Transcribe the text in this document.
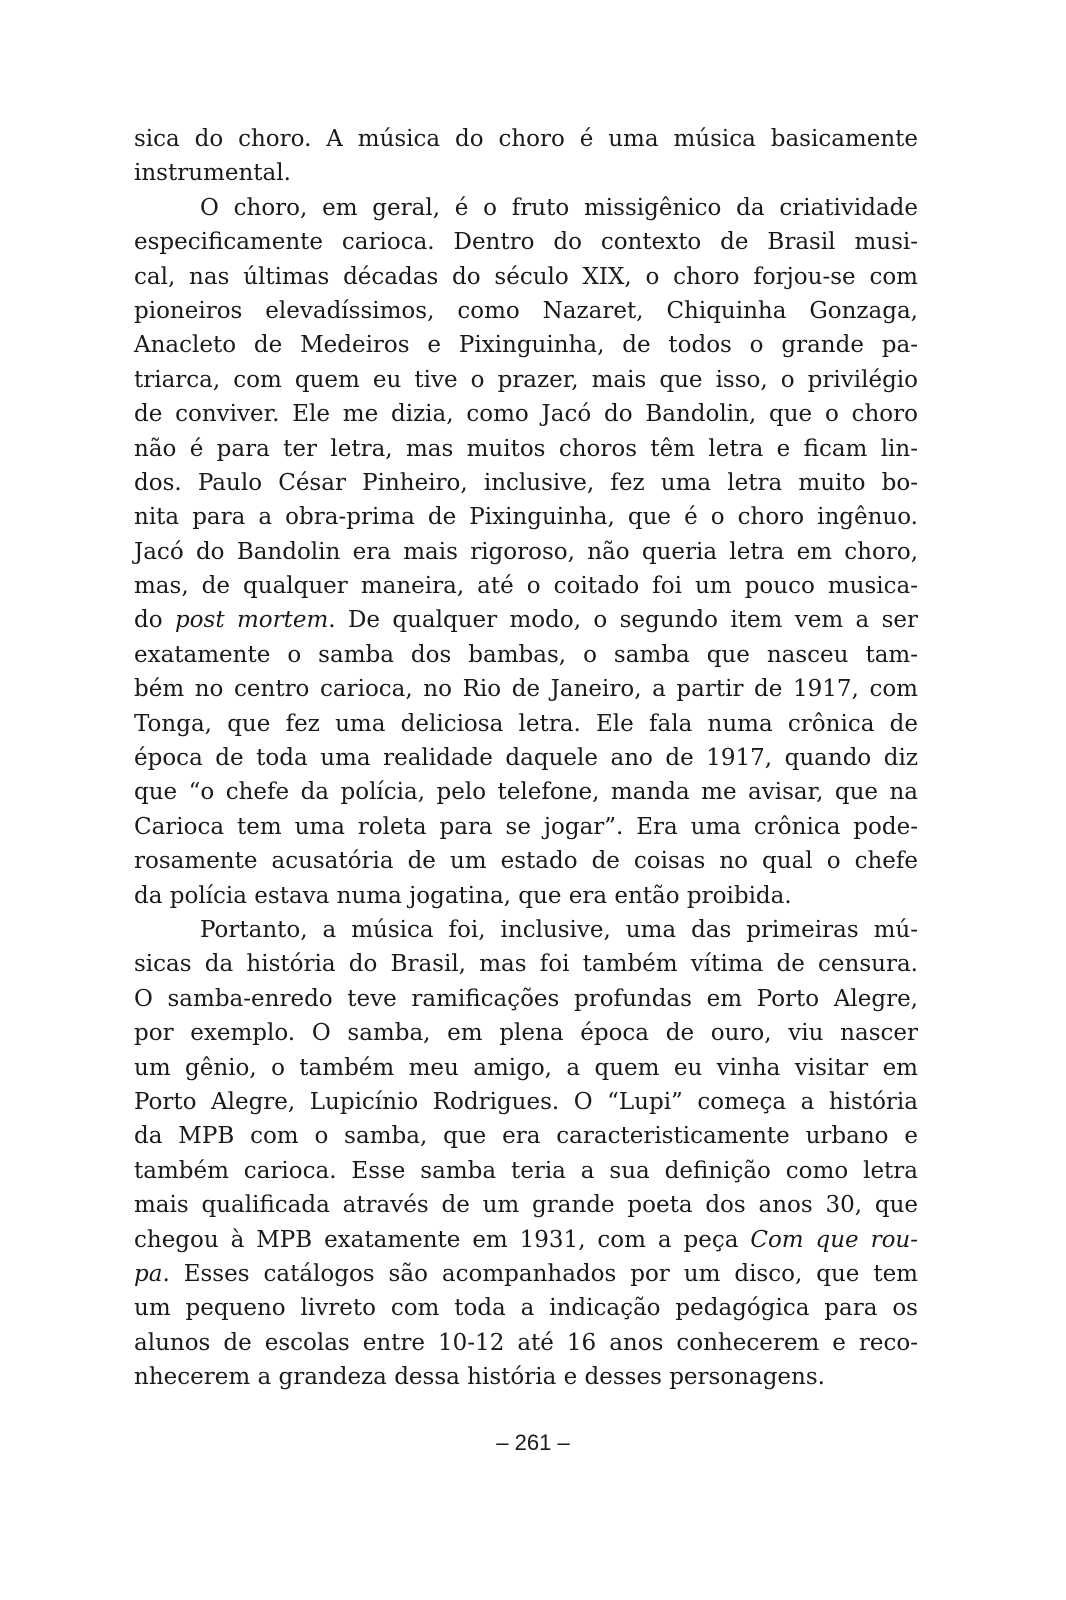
sica do choro. A música do choro é uma música basicamente
instrumental.
O choro, em geral, é o fruto missigênico da criatividade
especificamente carioca. Dentro do contexto de Brasil musi-
cal, nas últimas décadas do século XIX, o choro forjou-se com
pioneiros elevadíssimos, como Nazaret, Chiquinha Gonzaga,
Anacleto de Medeiros e Pixinguinha, de todos o grande pa-
triarca, com quem eu tive o prazer, mais que isso, o privilégio
de conviver. Ele me dizia, como Jacó do Bandolin, que o choro
não é para ter letra, mas muitos choros têm letra e ficam lin-
dos. Paulo César Pinheiro, inclusive, fez uma letra muito bo-
nita para a obra-prima de Pixinguinha, que é o choro ingênuo.
Jacó do Bandolin era mais rigoroso, não queria letra em choro,
mas, de qualquer maneira, até o coitado foi um pouco musica-
do post mortem. De qualquer modo, o segundo item vem a ser
exatamente o samba dos bambas, o samba que nasceu tam-
bém no centro carioca, no Rio de Janeiro, a partir de 1917, com
Tonga, que fez uma deliciosa letra. Ele fala numa crônica de
época de toda uma realidade daquele ano de 1917, quando diz
que “o chefe da polícia, pelo telefone, manda me avisar, que na
Carioca tem uma roleta para se jogar”. Era uma crônica pode-
rosamente acusatória de um estado de coisas no qual o chefe
da polícia estava numa jogatina, que era então proibida.
Portanto, a música foi, inclusive, uma das primeiras mú-
sicas da história do Brasil, mas foi também vítima de censura.
O samba-enredo teve ramificações profundas em Porto Alegre,
por exemplo. O samba, em plena época de ouro, viu nascer
um gênio, o também meu amigo, a quem eu vinha visitar em
Porto Alegre, Lupicínio Rodrigues. O “Lupi” começa a história
da MPB com o samba, que era caracteristicamente urbano e
também carioca. Esse samba teria a sua definição como letra
mais qualificada através de um grande poeta dos anos 30, que
chegou à MPB exatamente em 1931, com a peça Com que rou-
pa. Esses catálogos são acompanhados por um disco, que tem
um pequeno livreto com toda a indicação pedagógica para os
alunos de escolas entre 10-12 até 16 anos conhecerem e reco-
nhecerem a grandeza dessa história e desses personagens.
– 261 –
